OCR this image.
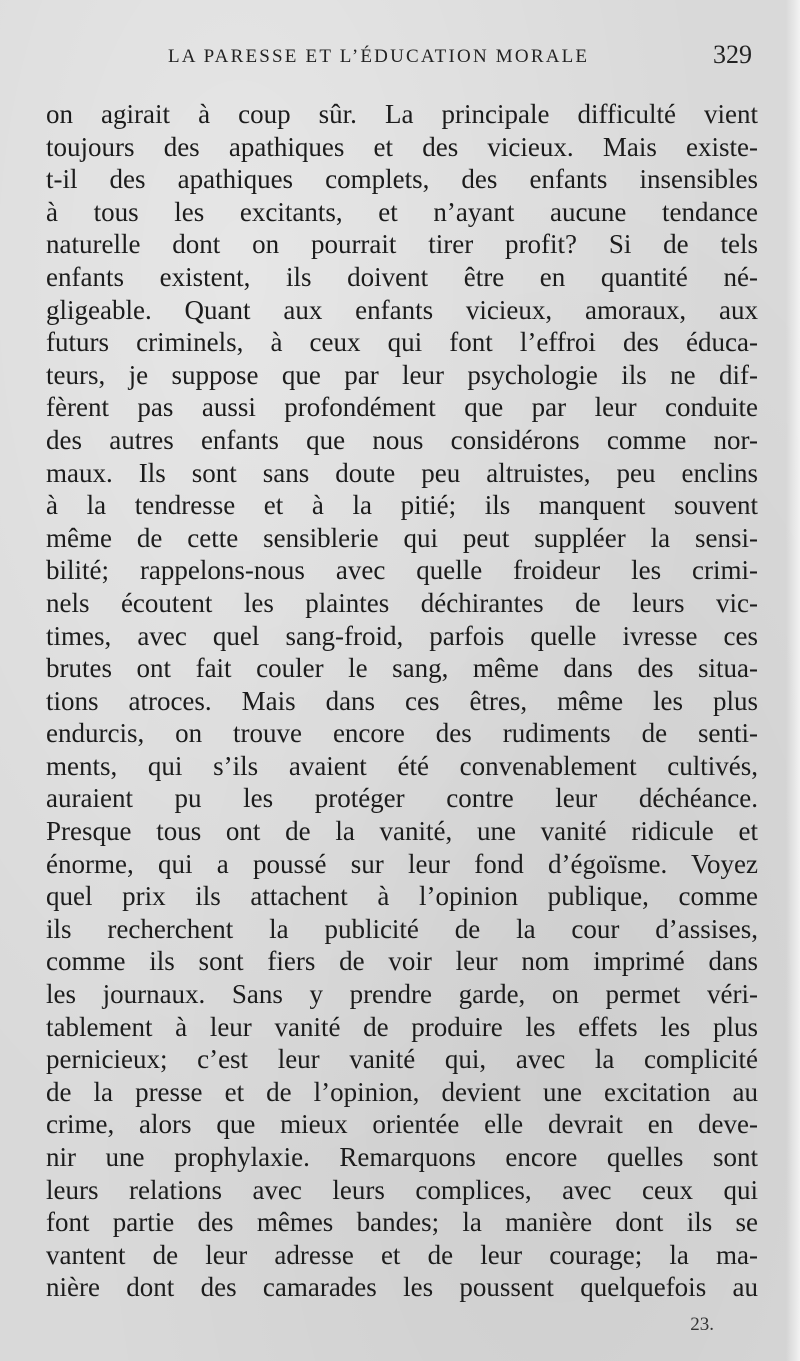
LA PARESSE ET L’ÉDUCATION MORALE	329
on agirait à coup sûr. La principale difficulté vient
toujours des apathiques et des vicieux. Mais existe-
t-il des apathiques complets, des enfants insensibles
à tous les excitants, et n’ayant aucune tendance
naturelle dont on pourrait tirer profit? Si de tels
enfants existent, ils doivent être en quantité né-
gligeable. Quant aux enfants vicieux, amoraux, aux
futurs criminels, à ceux qui font l’effroi des éduca-
teurs, je suppose que par leur psychologie ils ne dif-
fèrent pas aussi profondément que par leur conduite
des autres enfants que nous considérons comme nor-
maux. Ils sont sans doute peu altruistes, peu enclins
à la tendresse et à la pitié; ils manquent souvent
même de cette sensiblerie qui peut suppléer la sensi-
bilité; rappelons-nous avec quelle froideur les crimi-
nels écoutent les plaintes déchirantes de leurs vic-
times, avec quel sang-froid, parfois quelle ivresse ces
brutes ont fait couler le sang, même dans des situa-
tions atroces. Mais dans ces êtres, même les plus
endurcis, on trouve encore des rudiments de senti-
ments, qui s’ils avaient été convenablement cultivés,
auraient pu les protéger contre leur déchéance.
Presque tous ont de la vanité, une vanité ridicule et
énorme, qui a poussé sur leur fond d’égoïsme. Voyez
quel prix ils attachent à l’opinion publique, comme
ils recherchent la publicité de la cour d’assises,
comme ils sont fiers de voir leur nom imprimé dans
les journaux. Sans y prendre garde, on permet véri-
tablement à leur vanité de produire les effets les plus
pernicieux; c’est leur vanité qui, avec la complicité
de la presse et de l’opinion, devient une excitation au
crime, alors que mieux orientée elle devrait en deve-
nir une prophylaxie. Remarquons encore quelles sont
leurs relations avec leurs complices, avec ceux qui
font partie des mêmes bandes; la manière dont ils se
vantent de leur adresse et de leur courage; la ma-
nière dont des camarades les poussent quelquefois au
23.
